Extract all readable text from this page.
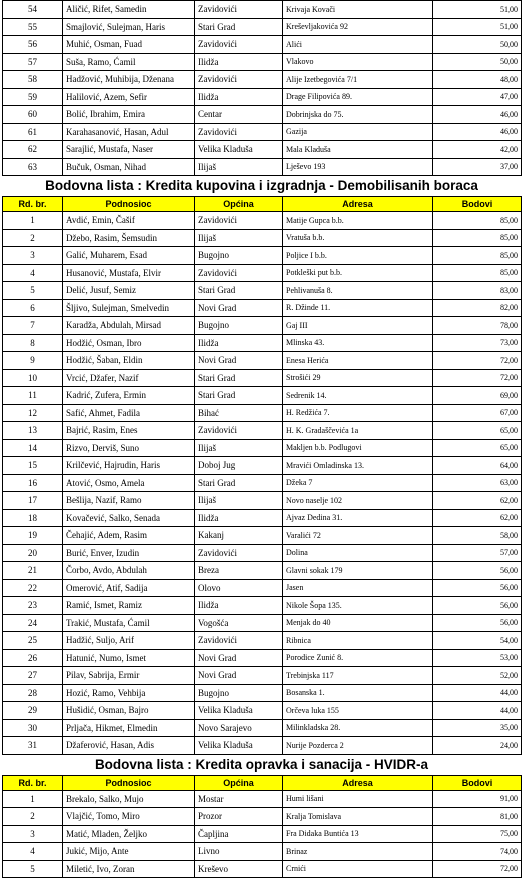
54	Aličić, Rifet, Samedin	Zavidovići	Krivaja Kovači	51,00
55	Smajlović, Sulejman, Haris	Stari Grad	Kreševljakovića 92	51,00
56	Muhić, Osman, Fuad	Zavidovići	Alići	50,00
57	Suša, Ramo, Ćamil	Ilidža	Vlakovo	50,00
58	Hadžović, Muhibija, Dženana	Zavidovići	Alije Izetbegovića 7/1	48,00
59	Halilović, Azem, Sefir	Ilidža	Drage Filipovića 89.	47,00
60	Bolić, Ibrahim, Emira	Centar	Dobrinjska do 75.	46,00
61	Karahasanović, Hasan, Adul	Zavidovići	Gazija	46,00
62	Sarajlić, Mustafa, Naser	Velika Kladuša	Mala Kladuša	42,00
63	Bučuk, Osman, Nihad	Ilijaš	Lješevo 193	37,00
Bodovna lista : Kredita kupovina i izgradnja - Demobilisanih boraca
Rd. br.	Podnosioc	Općina	Adresa	Bodovi
1	Avdić, Emin, Čašif	Zavidovići	Matije Gupca b.b.	85,00
2	Džebo, Rasim, Šemsudin	Ilijaš	Vratuša b.b.	85,00
3	Galić, Muharem, Esad	Bugojno	Poljice I b.b.	85,00
4	Husanović, Mustafa, Elvir	Zavidovići	Potkleški put b.b.	85,00
5	Delić, Jusuf, Semiz	Stari Grad	Pehlivanuša 8.	83,00
6	Šljivo, Sulejman, Smelvedin	Novi Grad	R. Džinde 11.	82,00
7	Karadža, Abdulah, Mirsad	Bugojno	Gaj III	78,00
8	Hodžić, Osman, Ibro	Ilidža	Mlinska 43.	73,00
9	Hodžić, Šaban, Eldin	Novi Grad	Enesa Herića	72,00
10	Vrcić, Džafer, Nazif	Stari Grad	Strošići 29	72,00
11	Kadrić, Zufera, Ermin	Stari Grad	Sedrenik 14.	69,00
12	Safić, Ahmet, Fadila	Bihać	H. Redžića 7.	67,00
13	Bajrić, Rasim, Enes	Zavidovići	H. K. Gradaščevića 1a	65,00
14	Rizvo, Derviš, Suno	Ilijaš	Makljen b.b. Podlugovi	65,00
15	Krilčević, Hajrudin, Haris	Doboj Jug	Mravići Omladinska 13.	64,00
16	Atović, Osmo, Amela	Stari Grad	Džeka 7	63,00
17	Bešlija, Nazif, Ramo	Ilijaš	Novo naselje 102	62,00
18	Kovačević, Salko, Senada	Ilidža	Ajvaz Dedina 31.	62,00
19	Čehajić, Adem, Rasim	Kakanj	Varalići 72	58,00
20	Burić, Enver, Izudin	Zavidovići	Dolina	57,00
21	Čorbo, Avdo, Abdulah	Breza	Glavni sokak 179	56,00
22	Omerović, Atif, Sadija	Olovo	Jasen	56,00
23	Ramić, Ismet, Ramiz	Ilidža	Nikole Šopa 135.	56,00
24	Trakić, Mustafa, Ćamil	Vogošća	Menjak do 40	56,00
25	Hadžić, Suljo, Arif	Zavidovići	Ribnica	54,00
26	Hatunić, Numo, Ismet	Novi Grad	Porodice Zunić 8.	53,00
27	Pilav, Sabrija, Ermir	Novi Grad	Trebinjska 117	52,00
28	Hozić, Ramo, Vehbija	Bugojno	Bosanska 1.	44,00
29	Hušidić, Osman, Bajro	Velika Kladuša	Orčeva luka 155	44,00
30	Prljača, Hikmet, Elmedin	Novo Sarajevo	Milinkladska 28.	35,00
31	Džaferović, Hasan, Adis	Velika Kladuša	Nurije Pozderca 2	24,00
Bodovna lista : Kredita opravka i sanacija - HVIDR-a
Rd. br.	Podnosioc	Općina	Adresa	Bodovi
1	Brekalo, Salko, Mujo	Mostar	Humi lišani	91,00
2	Vlajčić, Tomo, Miro	Prozor	Kralja Tomislava	81,00
3	Matić, Mladen, Željko	Čapljina	Fra Didaka Buntića 13	75,00
4	Jukić, Mijo, Ante	Livno	Brinaz	74,00
5	Miletić, Ivo, Zoran	Kreševo	Crnići	72,00
